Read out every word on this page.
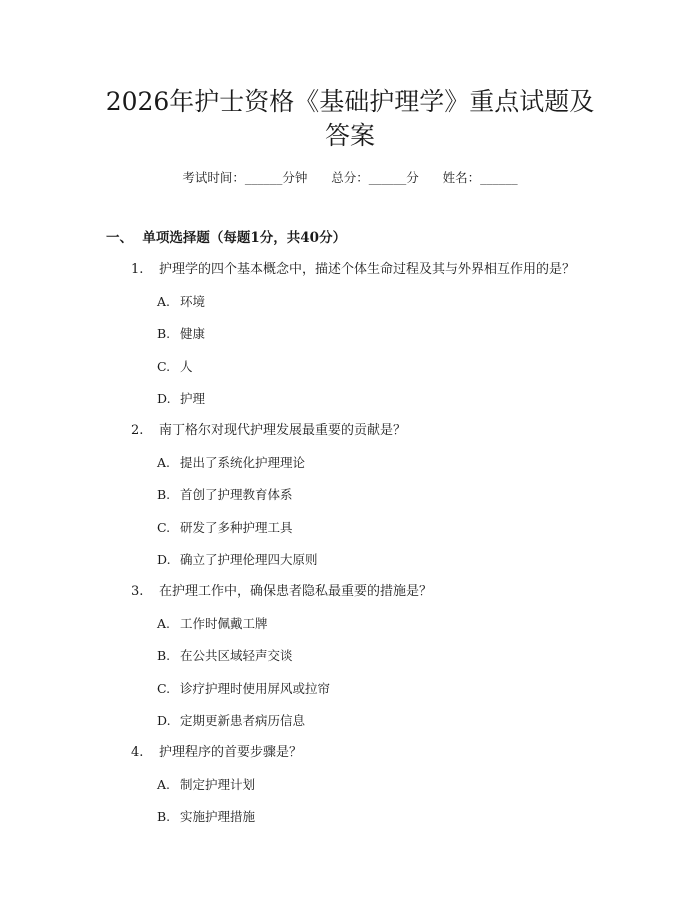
2026年护士资格《基础护理学》重点试题及
答案
考试时间：______分钟      总分：______分      姓名：______
一、  单项选择题（每题1分，共40分）
1. 护理学的四个基本概念中，描述个体生命过程及其与外界相互作用的是？
A. 环境
B. 健康
C. 人
D. 护理
2. 南丁格尔对现代护理发展最重要的贡献是？
A. 提出了系统化护理理论
B. 首创了护理教育体系
C. 研发了多种护理工具
D. 确立了护理伦理四大原则
3. 在护理工作中，确保患者隐私最重要的措施是？
A. 工作时佩戴工牌
B. 在公共区域轻声交谈
C. 诊疗护理时使用屏风或拉帘
D. 定期更新患者病历信息
4. 护理程序的首要步骤是？
A. 制定护理计划
B. 实施护理措施
